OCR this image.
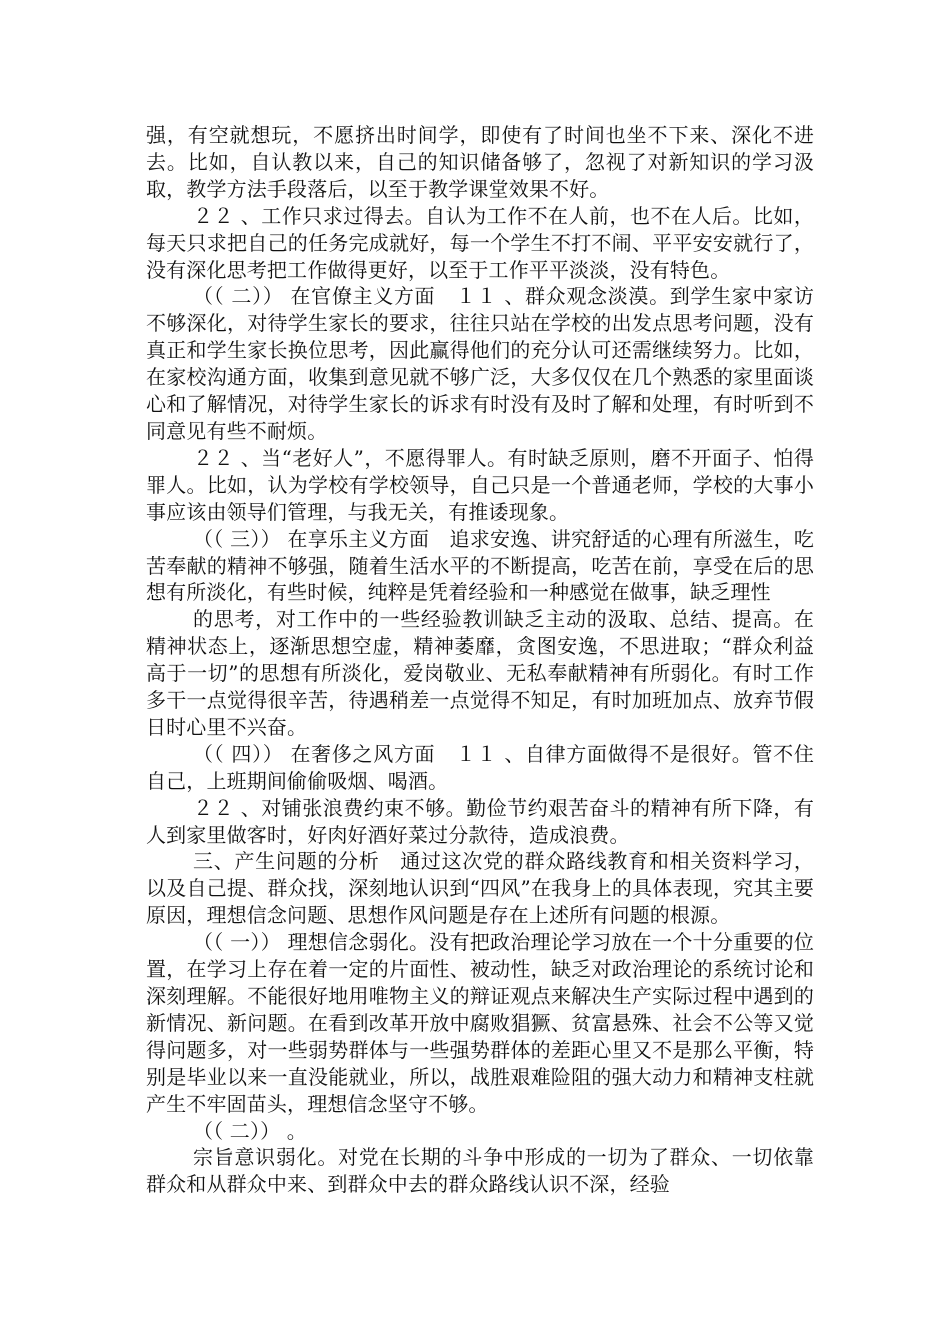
强，有空就想玩，不愿挤出时间学，即使有了时间也坐不下来、深化不进去。比如，自认教以来，自己的知识储备够了，忽视了对新知识的学习汲取，教学方法手段落后，以至于教学课堂效果不好。

２２ 、工作只求过得去。自认为工作不在人前，也不在人后。比如，每天只求把自己的任务完成就好，每一个学生不打不闹、平平安安就行了，没有深化思考把工作做得更好，以至于工作平平淡淡，没有特色。

（（ 二）） 在官僚主义方面　１１ 、群众观念淡漠。到学生家中家访不够深化，对待学生家长的要求，往往只站在学校的出发点思考问题，没有真正和学生家长换位思考，因此赢得他们的充分认可还需继续努力。比如，在家校沟通方面，收集到意见就不够广泛，大多仅仅在几个熟悉的家里面谈心和了解情况，对待学生家长的诉求有时没有及时了解和处理，有时听到不同意见有些不耐烦。

２２ 、当“老好人”，不愿得罪人。有时缺乏原则，磨不开面子、怕得罪人。比如，认为学校有学校领导，自己只是一个普通老师，学校的大事小事应该由领导们管理，与我无关，有推诿现象。

（（ 三）） 在享乐主义方面　追求安逸、讲究舒适的心理有所滋生，吃苦奉献的精神不够强，随着生活水平的不断提高，吃苦在前，享受在后的思想有所淡化，有些时候，纯粹是凭着经验和一种感觉在做事，缺乏理性

的思考，对工作中的一些经验教训缺乏主动的汲取、总结、提高。在精神状态上，逐渐思想空虚，精神萎靡，贪图安逸，不思进取；“群众利益高于一切”的思想有所淡化，爱岗敬业、无私奉献精神有所弱化。有时工作多干一点觉得很辛苦，待遇稍差一点觉得不知足，有时加班加点、放弃节假日时心里不兴奋。

（（ 四）） 在奢侈之风方面　１１ 、自律方面做得不是很好。管不住自己，上班期间偷偷吸烟、喝酒。

２２ 、对铺张浪费约束不够。勤俭节约艰苦奋斗的精神有所下降，有人到家里做客时，好肉好酒好菜过分款待，造成浪费。

三、产生问题的分析　通过这次党的群众路线教育和相关资料学习，以及自己提、群众找，深刻地认识到“四风”在我身上的具体表现，究其主要原因，理想信念问题、思想作风问题是存在上述所有问题的根源。

（（ 一）） 理想信念弱化。没有把政治理论学习放在一个十分重要的位置，在学习上存在着一定的片面性、被动性，缺乏对政治理论的系统讨论和深刻理解。不能很好地用唯物主义的辩证观点来解决生产实际过程中遇到的新情况、新问题。在看到改革开放中腐败猖獗、贫富悬殊、社会不公等又觉得问题多，对一些弱势群体与一些强势群体的差距心里又不是那么平衡，特别是毕业以来一直没能就业，所以，战胜艰难险阻的强大动力和精神支柱就产生不牢固苗头，理想信念坚守不够。

（（ 二）） 。

宗旨意识弱化。对党在长期的斗争中形成的一切为了群众、一切依靠群众和从群众中来、到群众中去的群众路线认识不深，经验
